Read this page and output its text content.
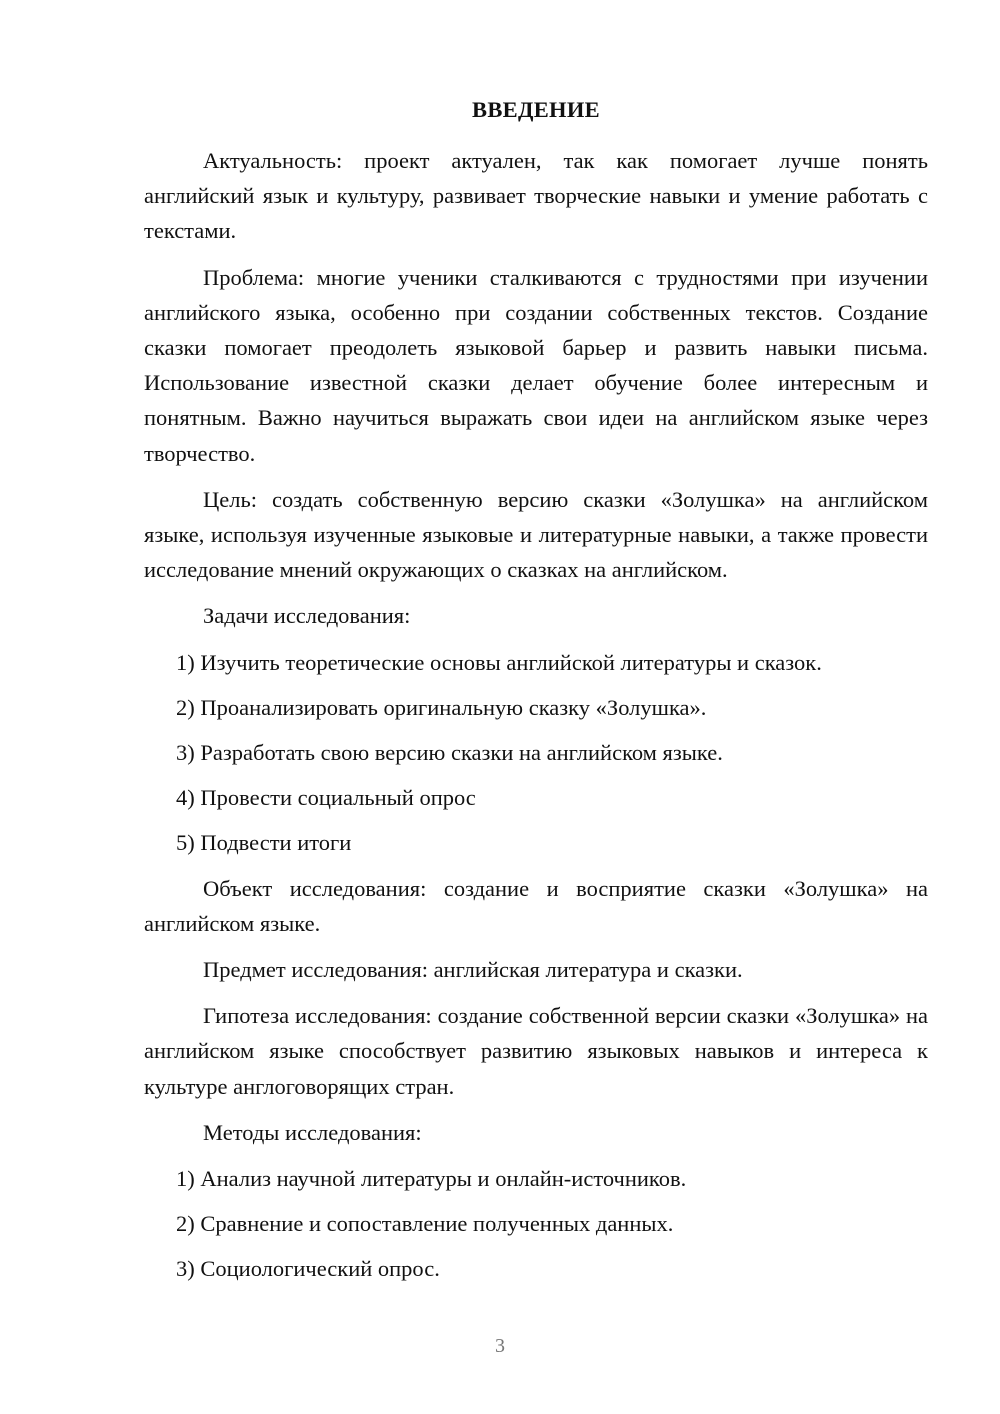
ВВЕДЕНИЕ

Актуальность: проект актуален, так как помогает лучше понять английский язык и культуру, развивает творческие навыки и умение работать с текстами.

Проблема: многие ученики сталкиваются с трудностями при изучении английского языка, особенно при создании собственных текстов. Создание сказки помогает преодолеть языковой барьер и развить навыки письма. Использование известной сказки делает обучение более интересным и понятным. Важно научиться выражать свои идеи на английском языке через творчество.

Цель: создать собственную версию сказки «Золушка» на английском языке, используя изученные языковые и литературные навыки, а также провести исследование мнений окружающих о сказках на английском.

Задачи исследования:

1) Изучить теоретические основы английской литературы и сказок.
2) Проанализировать оригинальную сказку «Золушка».
3) Разработать свою версию сказки на английском языке.
4) Провести социальный опрос
5) Подвести итоги

Объект исследования: создание и восприятие сказки «Золушка» на английском языке.

Предмет исследования: английская литература и сказки.

Гипотеза исследования: создание собственной версии сказки «Золушка» на английском языке способствует развитию языковых навыков и интереса к культуре англоговорящих стран.

Методы исследования:

1) Анализ научной литературы и онлайн-источников.
2) Сравнение и сопоставление полученных данных.
3) Социологический опрос.
3
